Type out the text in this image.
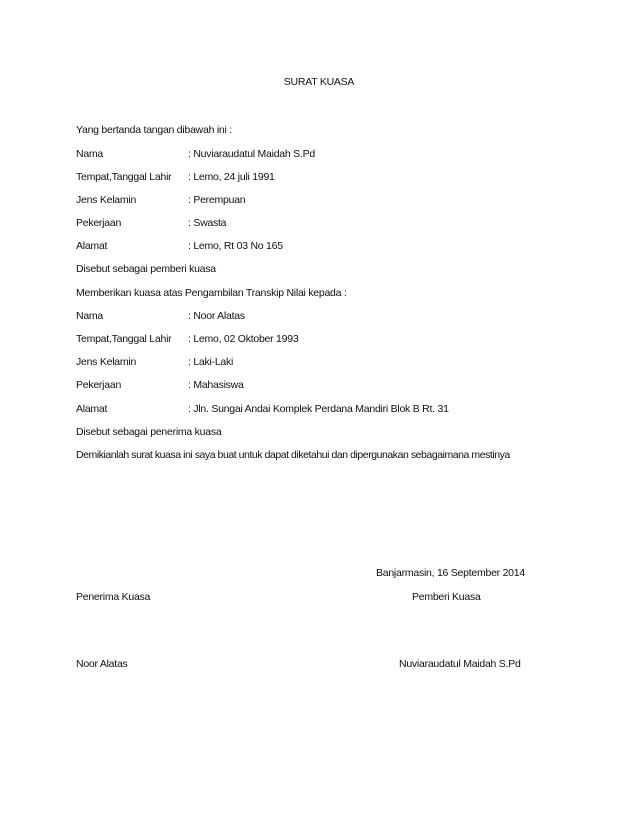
SURAT KUASA
Yang bertanda tangan dibawah ini :
Nama	: Nuviaraudatul Maidah S.Pd
Tempat,Tanggal Lahir : Lemo, 24 juli 1991
Jens Kelamin	: Perempuan
Pekerjaan	: Swasta
Alamat	: Lemo, Rt 03 No 165
Disebut sebagai pemberi kuasa
Memberikan kuasa atas Pengambilan Transkip Nilai kepada :
Nama	: Noor Alatas
Tempat,Tanggal Lahir : Lemo, 02 Oktober 1993
Jens Kelamin	: Laki-Laki
Pekerjaan	: Mahasiswa
Alamat	: Jln. Sungai Andai Komplek Perdana Mandiri Blok B Rt. 31
Disebut sebagai penerima kuasa
Demikianlah surat kuasa ini saya buat untuk dapat diketahui dan dipergunakan sebagaimana mestinya
Banjarmasin, 16 September 2014
Penerima Kuasa	Pemberi Kuasa
Noor Alatas	Nuviaraudatul Maidah S.Pd
